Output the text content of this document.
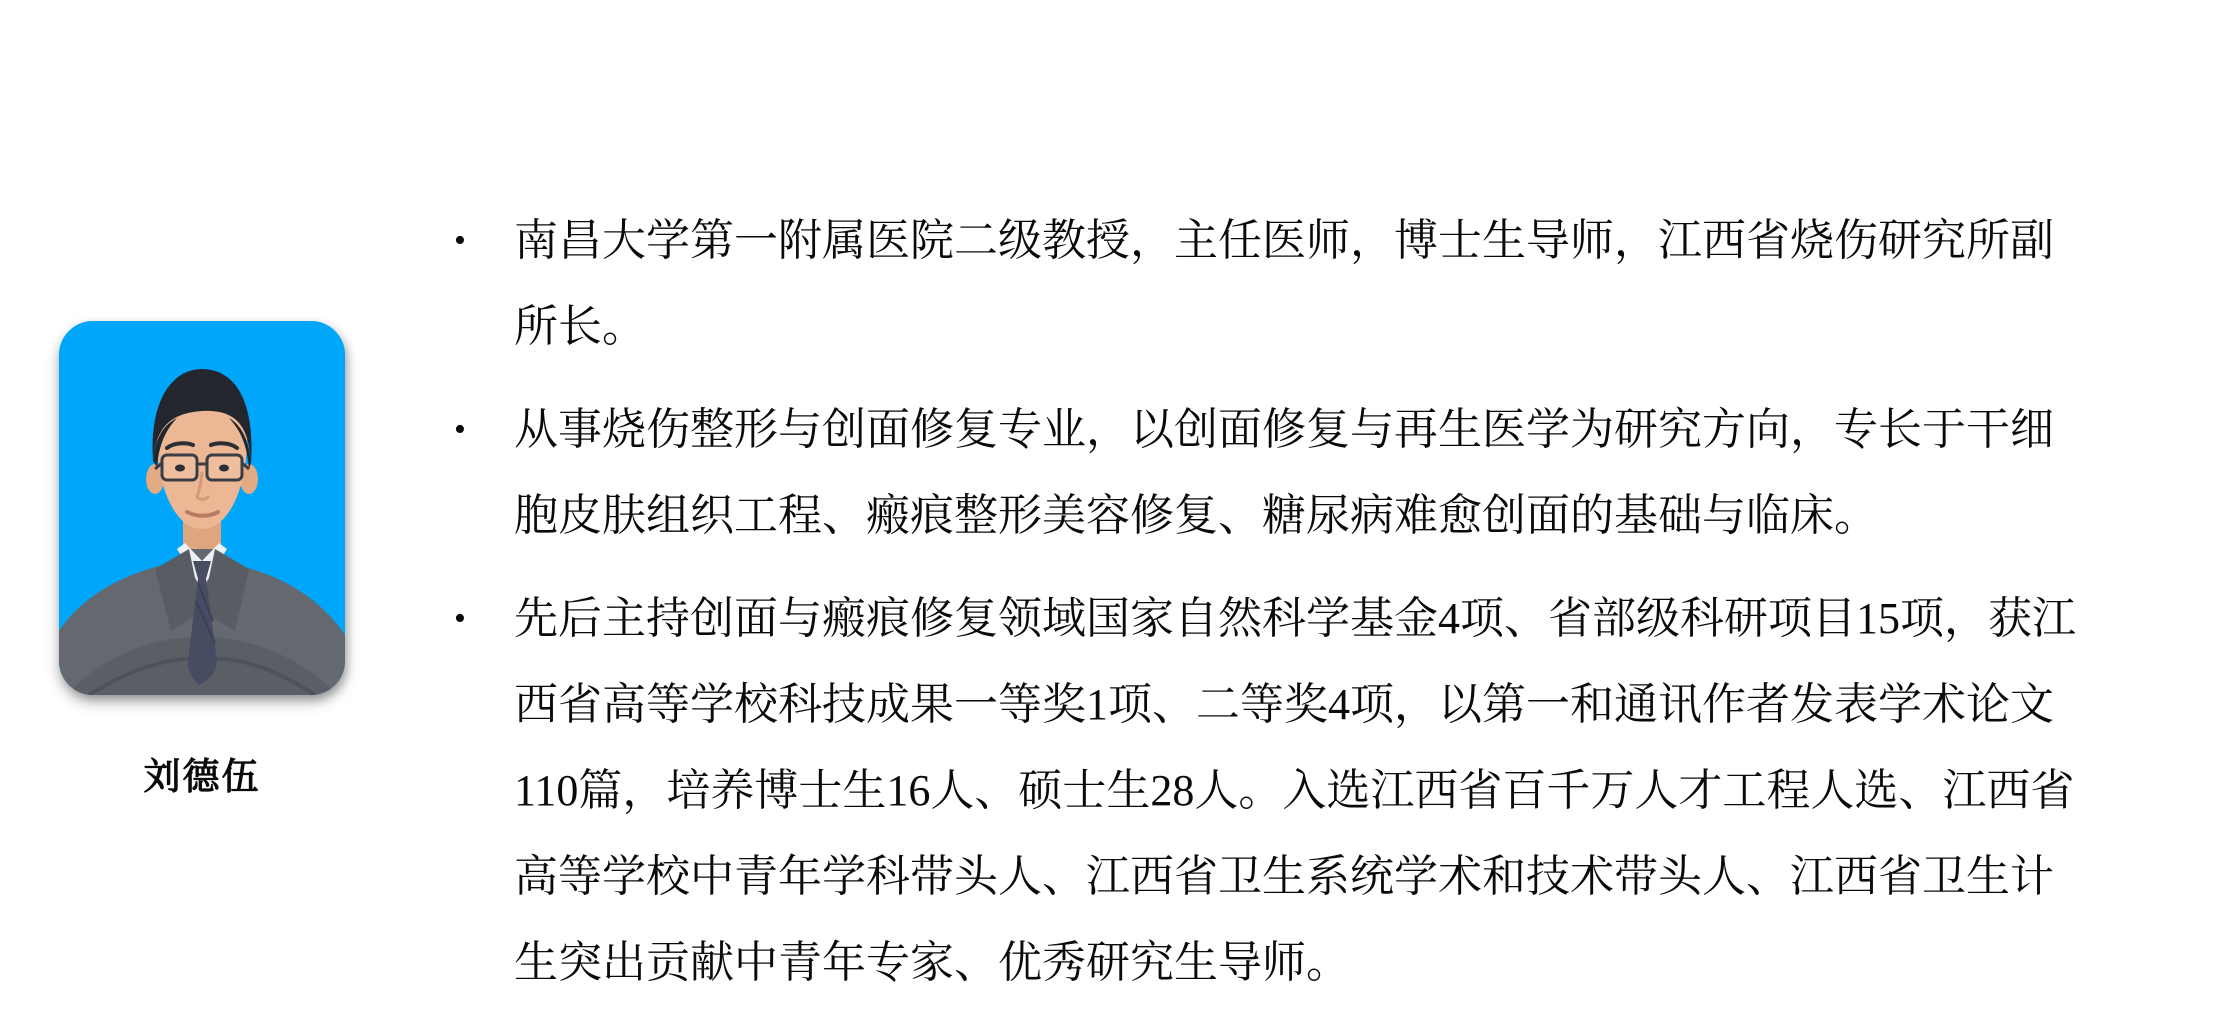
刘德伍
•	南昌大学第一附属医院二级教授，主任医师，博士生导师，江西省烧伤研究所副所长。
•	从事烧伤整形与创面修复专业，以创面修复与再生医学为研究方向，专长于干细胞皮肤组织工程、瘢痕整形美容修复、糖尿病难愈创面的基础与临床。
•	先后主持创面与瘢痕修复领域国家自然科学基金4项、省部级科研项目15项，获江西省高等学校科技成果一等奖1项、二等奖4项，以第一和通讯作者发表学术论文110篇，培养博士生16人、硕士生28人。入选江西省百千万人才工程人选、江西省高等学校中青年学科带头人、江西省卫生系统学术和技术带头人、江西省卫生计生突出贡献中青年专家、优秀研究生导师。
